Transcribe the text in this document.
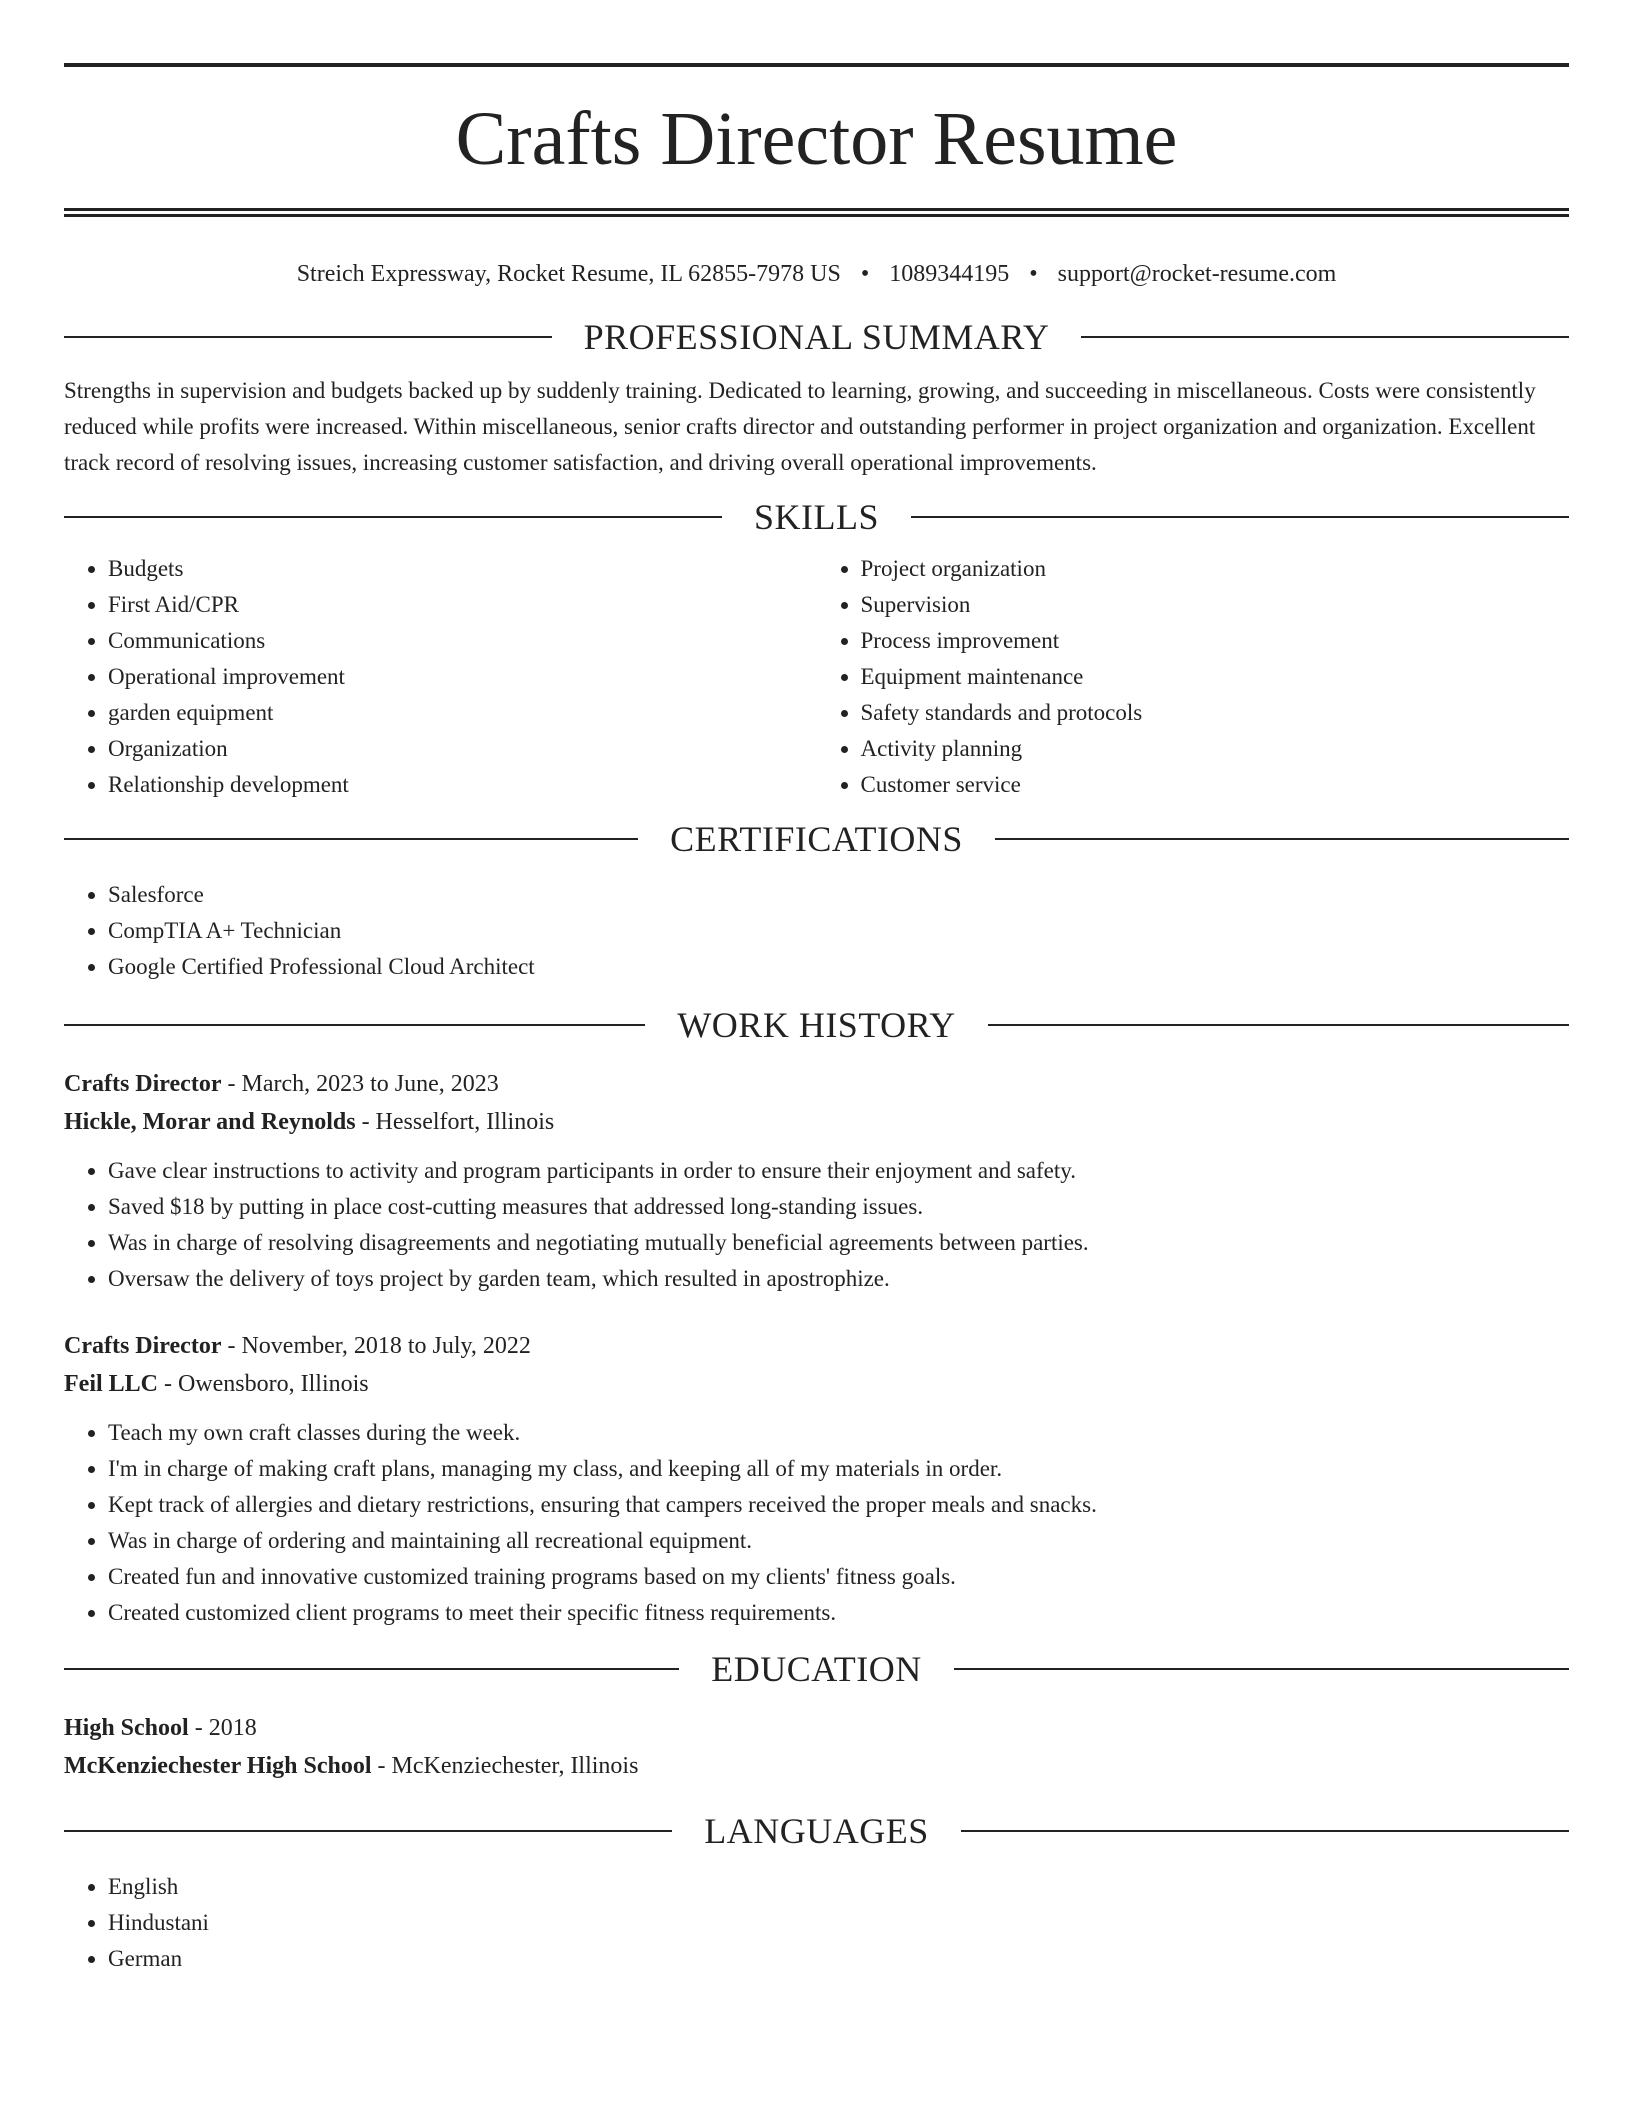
Crafts Director Resume
Streich Expressway, Rocket Resume, IL 62855-7978 US • 1089344195 • support@rocket-resume.com
PROFESSIONAL SUMMARY

Strengths in supervision and budgets backed up by suddenly training. Dedicated to learning, growing, and succeeding in miscellaneous. Costs were consistently reduced while profits were increased. Within miscellaneous, senior crafts director and outstanding performer in project organization and organization. Excellent track record of resolving issues, increasing customer satisfaction, and driving overall operational improvements.

SKILLS
• Budgets
• First Aid/CPR
• Communications
• Operational improvement
• garden equipment
• Organization
• Relationship development
• Project organization
• Supervision
• Process improvement
• Equipment maintenance
• Safety standards and protocols
• Activity planning
• Customer service
CERTIFICATIONS
• Salesforce
• CompTIA A+ Technician
• Google Certified Professional Cloud Architect
WORK HISTORY
Crafts Director - March, 2023 to June, 2023
Hickle, Morar and Reynolds - Hesselfort, Illinois
• Gave clear instructions to activity and program participants in order to ensure their enjoyment and safety.
• Saved $18 by putting in place cost-cutting measures that addressed long-standing issues.
• Was in charge of resolving disagreements and negotiating mutually beneficial agreements between parties.
• Oversaw the delivery of toys project by garden team, which resulted in apostrophize.
Crafts Director - November, 2018 to July, 2022
Feil LLC - Owensboro, Illinois
• Teach my own craft classes during the week.
• I'm in charge of making craft plans, managing my class, and keeping all of my materials in order.
• Kept track of allergies and dietary restrictions, ensuring that campers received the proper meals and snacks.
• Was in charge of ordering and maintaining all recreational equipment.
• Created fun and innovative customized training programs based on my clients' fitness goals.
• Created customized client programs to meet their specific fitness requirements.
EDUCATION
High School - 2018
McKenziechester High School - McKenziechester, Illinois
LANGUAGES
• English
• Hindustani
• German
